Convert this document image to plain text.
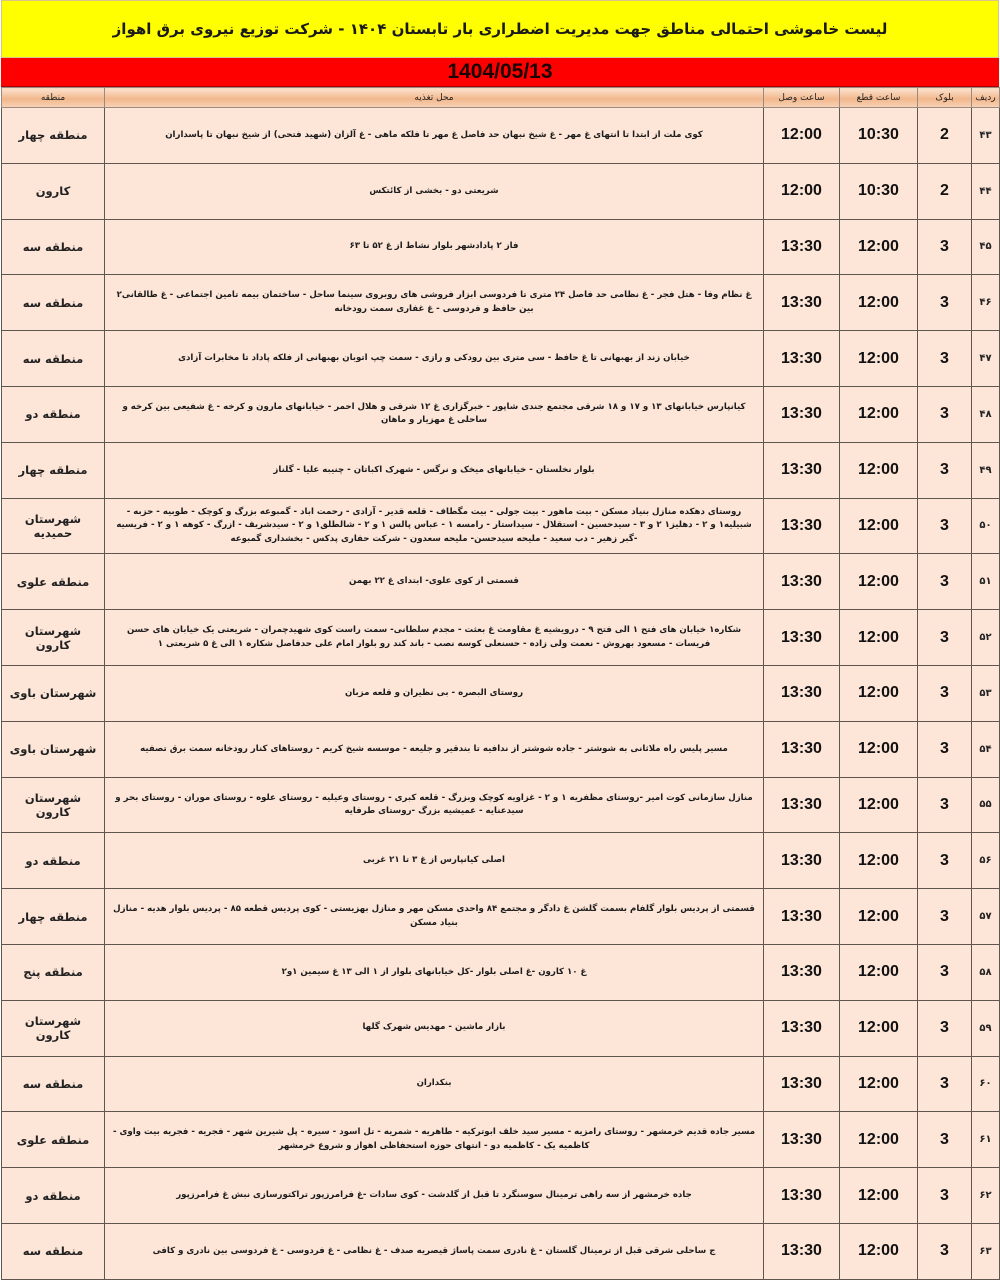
لیست خاموشی احتمالی مناطق جهت مدیریت اضطراری بار تابستان ۱۴۰۴ - شرکت توزیع نیروی برق اهواز
1404/05/13
ردیف	بلوک	ساعت قطع	ساعت وصل	محل تغذیه	منطقه
۴۳	2	10:30	12:00	کوی ملت از ابتدا تا انتهای غ مهر - غ شیخ نبهان حد فاصل غ مهر تا فلکه ماهی - غ آلزان (شهید فتحی) از شیخ نبهان تا پاسداران	منطقه چهار
۴۴	2	10:30	12:00	شریعتی دو - بخشی از کائتکس	کارون
۴۵	3	12:00	13:30	فاز ۲ پادادشهر بلوار نشاط از غ ۵۲ تا ۶۳	منطقه سه
۴۶	3	12:00	13:30	غ نظام وفا - هتل فجر - غ نظامی حد فاصل ۲۴ متری تا فردوسی ابزار فروشی های روبروی سینما ساحل - ساختمان بیمه تامین اجتماعی - غ طالقانی۲ بین حافظ و فردوسی - غ غفاری سمت رودخانه	منطقه سه
۴۷	3	12:00	13:30	خیابان زند از بهبهانی تا غ حافظ - سی متری بین رودکی و رازی - سمت چپ اتوبان بهبهانی از فلکه پاداد تا مخابرات آزادی	منطقه سه
۴۸	3	12:00	13:30	کیانپارس خیابانهای ۱۳ و ۱۷ و ۱۸ شرقی مجتمع جندی شاپور - خبرگزاری غ ۱۲ شرقی و هلال احمر - خیابانهای مارون و کرخه - غ شفیعی بین کرخه و ساحلی غ مهزیار و ماهان	منطقه دو
۴۹	3	12:00	13:30	بلوار نخلستان - خیابانهای میخک و نرگس - شهرک اکباتان - چنیبه علیا - گلناز	منطقه چهار
۵۰	3	12:00	13:30	روستای دهکده منازل بنیاد مسکن - بیت ماهور - بیت جولی - بیت مگطاف - قلعه قدیر - آزادی - رحمت اباد - گمبوعه بزرگ و کوچک - طوبیه - حزبه - شبیلیه۱ و ۲ - دهلیز۱ ۲ و ۳ - سیدحسین - استقلال - سیداستار - رامسه ۱ - عباس پالس ۱ و ۲ - شالطلق۱ و ۲ - سیدشریف - ازرگ - کوهه ۱ و ۲ - فریسیه -گبر زهیر - دب سعید - ملیحه سیدحسن- ملیحه سعدون - شرکت حفاری پدکس - بخشداری گمبوعه	شهرستان حمیدیه
۵۱	3	12:00	13:30	قسمتی از کوی علوی- ابتدای غ ۲۲ بهمن	منطقه علوی
۵۲	3	12:00	13:30	شکاره۱ خیابان های فتح ۱ الی فتح ۹ - درویشیه غ مقاومت غ بعثت - مجدم سلطانی- سمت راست کوی شهیدچمران - شریعتی یک خیابان های حسن فریسات - مسعود بهروش - نعمت ولی زاده - حسنعلی کوسه نصب - باند کند رو بلوار امام علی حدفاصل شکاره ۱ الی غ ۵ شریعتی ۱	شهرستان کارون
۵۳	3	12:00	13:30	روستای البصره - بی نظیران و قلعه مزبان	شهرستان باوی
۵۴	3	12:00	13:30	مسیر پلیس راه ملاثانی به شوشتر - جاده شوشتر از ندافیه تا بندقیر و جلیعه - موسسه شیخ کریم - روستاهای کنار رودخانه سمت برق تصفیه	شهرستان باوی
۵۵	3	12:00	13:30	منازل سازمانی کوت امیر -روستای مظفریه ۱ و ۲ - غزاویه کوچک وبزرگ - قلعه کبری - روستای وعیلیه - روستای علوه - روستای موران - روستای بحر و سیدعنایه - عمیشیه بزرگ -روستای طرفایه	شهرستان کارون
۵۶	3	12:00	13:30	اصلی کیانپارس از غ ۳ تا ۲۱ غربی	منطقه دو
۵۷	3	12:00	13:30	قسمتی از پردیس بلوار گلفام بسمت گلشن غ دادگر و مجتمع ۸۴ واحدی مسکن مهر و منازل بهزیستی - کوی پردیس قطعه ۸۵ - پردیس بلوار هدیه - منازل بنیاد مسکن	منطقه چهار
۵۸	3	12:00	13:30	غ ۱۰ کارون -غ اصلی بلوار -کل خیابانهای بلوار از ۱ الی ۱۳ غ سیمین ۱و۲	منطقه پنج
۵۹	3	12:00	13:30	بازار ماشین - مهدیس شهرک گلها	شهرستان کارون
۶۰	3	12:00	13:30	بنکداران	منطقه سه
۶۱	3	12:00	13:30	مسیر جاده قدیم خرمشهر - روستای رامزیه - مسیر سید خلف ابوترکیه - طاهریه - شمریه - تل اسود - سیره - پل شیرین شهر - فجریه - فجریه بیت واوی - کاظمیه یک - کاظمیه دو - انتهای حوزه استحفاظی اهواز و شروع خرمشهر	منطقه علوی
۶۲	3	12:00	13:30	جاده خرمشهر از سه راهی ترمینال سوسنگرد تا قبل از گلدشت - کوی سادات -غ فرامرزپور تراکتورسازی نبش غ فرامرزپور	منطقه دو
۶۳	3	12:00	13:30	ج ساحلی شرقی قبل از ترمینال گلستان - غ نادری سمت پاساژ قیصریه صدف - غ نظامی - غ فردوسی - غ فردوسی بین نادری و کافی	منطقه سه
